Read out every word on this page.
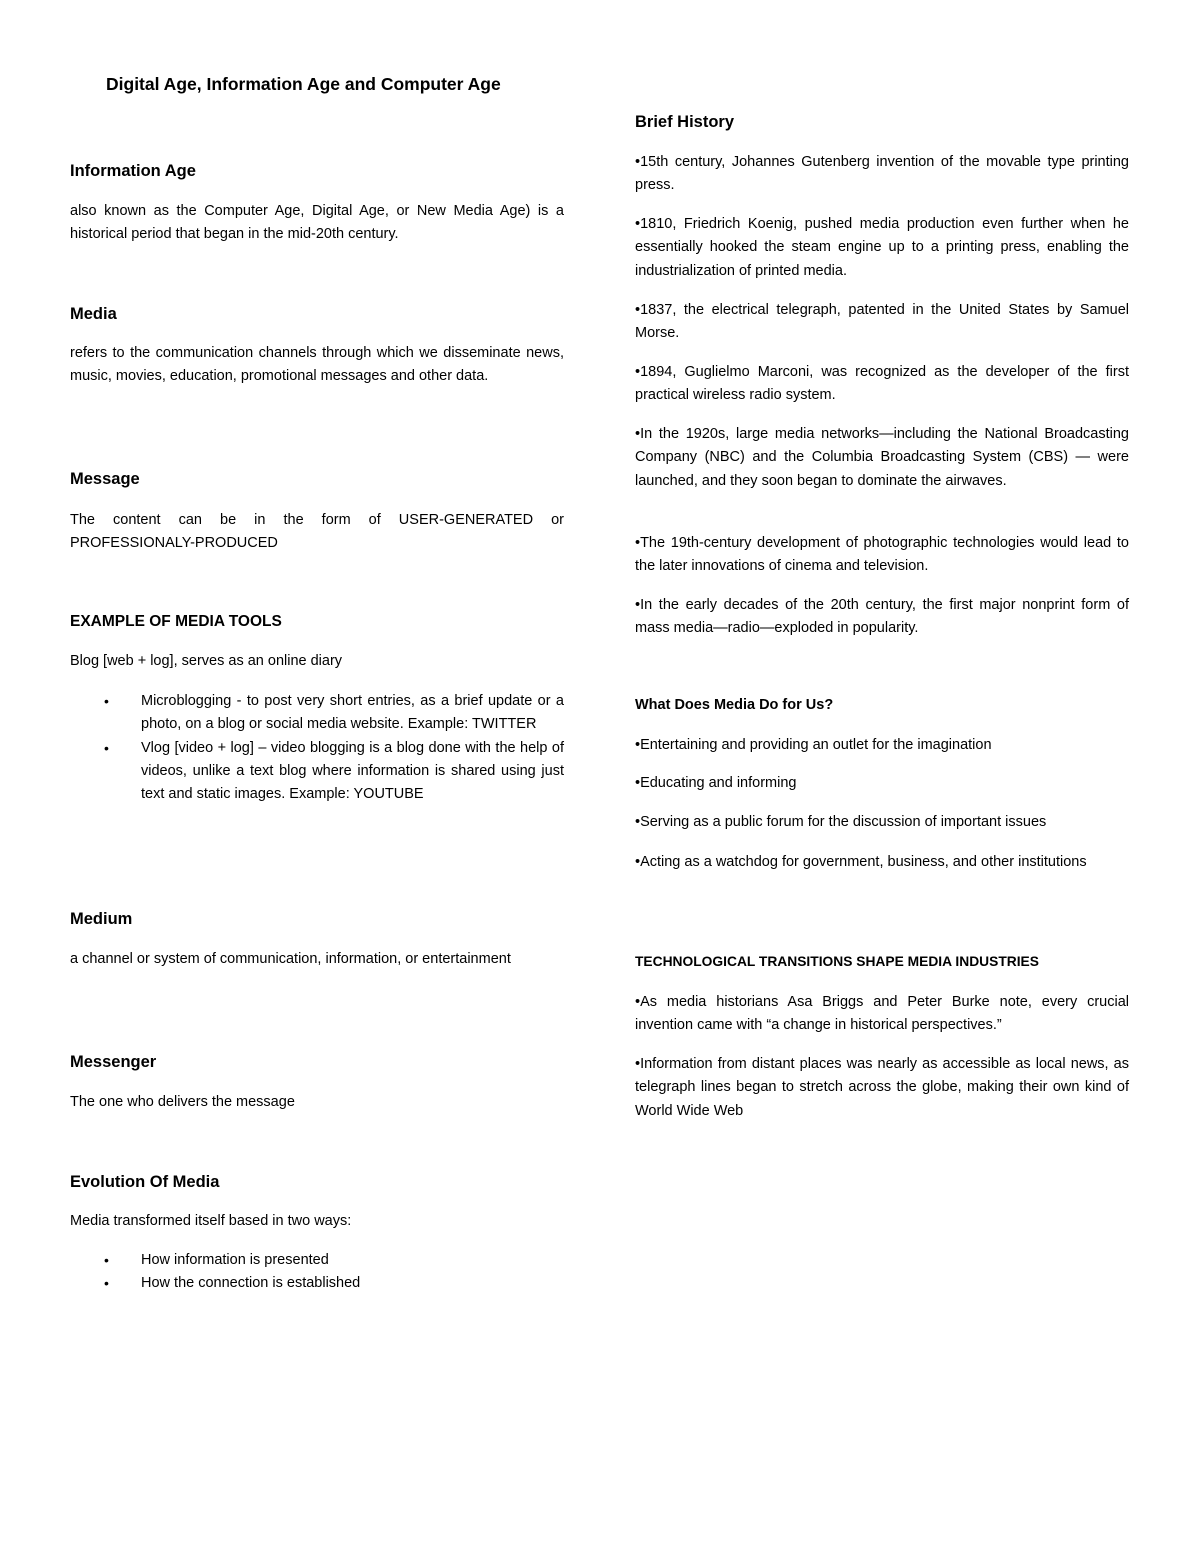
Digital Age, Information Age and Computer Age
Information Age

also known as the Computer Age, Digital Age, or New Media Age) is a historical period that began in the mid-20th century.

Media

refers to the communication channels through which we disseminate news, music, movies, education, promotional messages and other data.

Message

The content can be in the form of USER-GENERATED or PROFESSIONALY-PRODUCED

EXAMPLE OF MEDIA TOOLS

Blog [web + log], serves as an online diary

• Microblogging - to post very short entries, as a brief update or a photo, on a blog or social media website. Example: TWITTER
• Vlog [video + log] – video blogging is a blog done with the help of videos, unlike a text blog where information is shared using just text and static images. Example: YOUTUBE
Medium

a channel or system of communication, information, or entertainment

Messenger

The one who delivers the message

Evolution Of Media

Media transformed itself based in two ways:

• How information is presented
• How the connection is established
Brief History

•15th century, Johannes Gutenberg invention of the movable type printing press.

•1810, Friedrich Koenig, pushed media production even further when he essentially hooked the steam engine up to a printing press, enabling the industrialization of printed media.

•1837, the electrical telegraph, patented in the United States by Samuel Morse.

•1894, Guglielmo Marconi, was recognized as the developer of the first practical wireless radio system.

•In the 1920s, large media networks—including the National Broadcasting Company (NBC) and the Columbia Broadcasting System (CBS) — were launched, and they soon began to dominate the airwaves.

•The 19th-century development of photographic technologies would lead to the later innovations of cinema and television.

•In the early decades of the 20th century, the first major nonprint form of mass media—radio—exploded in popularity.

What Does Media Do for Us?

•Entertaining and providing an outlet for the imagination

•Educating and informing

•Serving as a public forum for the discussion of important issues

•Acting as a watchdog for government, business, and other institutions

TECHNOLOGICAL TRANSITIONS SHAPE MEDIA INDUSTRIES

•As media historians Asa Briggs and Peter Burke note, every crucial invention came with “a change in historical perspectives.”

•Information from distant places was nearly as accessible as local news, as telegraph lines began to stretch across the globe, making their own kind of World Wide Web
